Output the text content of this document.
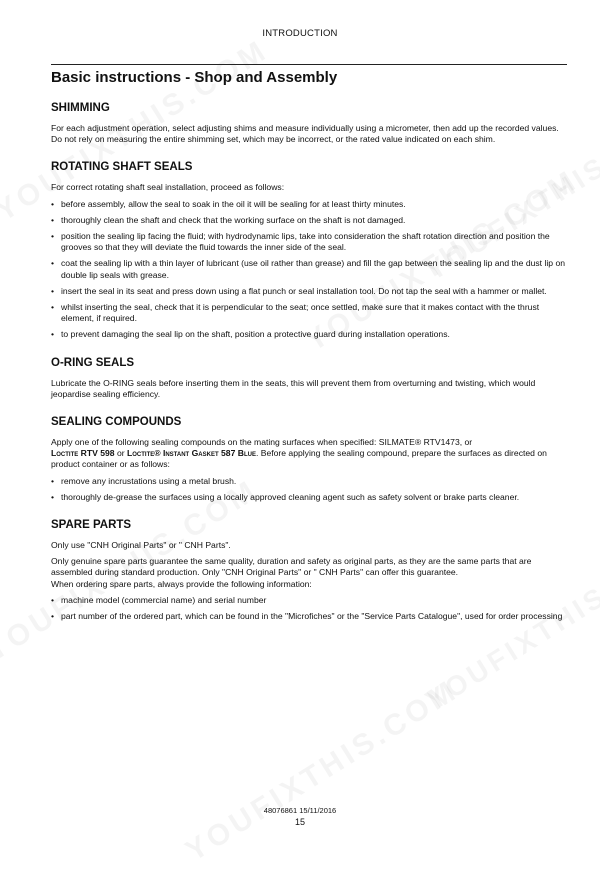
INTRODUCTION
Basic instructions - Shop and Assembly
SHIMMING

For each adjustment operation, select adjusting shims and measure individually using a micrometer, then add up the recorded values. Do not rely on measuring the entire shimming set, which may be incorrect, or the rated value indicated on each shim.

ROTATING SHAFT SEALS

For correct rotating shaft seal installation, proceed as follows:

• before assembly, allow the seal to soak in the oil it will be sealing for at least thirty minutes.
• thoroughly clean the shaft and check that the working surface on the shaft is not damaged.
• position the sealing lip facing the fluid; with hydrodynamic lips, take into consideration the shaft rotation direction and position the grooves so that they will deviate the fluid towards the inner side of the seal.
• coat the sealing lip with a thin layer of lubricant (use oil rather than grease) and fill the gap between the sealing lip and the dust lip on double lip seals with grease.
• insert the seal in its seat and press down using a flat punch or seal installation tool. Do not tap the seal with a hammer or mallet.
• whilst inserting the seal, check that it is perpendicular to the seat; once settled, make sure that it makes contact with the thrust element, if required.
• to prevent damaging the seal lip on the shaft, position a protective guard during installation operations.
O-RING SEALS

Lubricate the O-RING seals before inserting them in the seats, this will prevent them from overturning and twisting, which would jeopardise sealing efficiency.

SEALING COMPOUNDS

Apply one of the following sealing compounds on the mating surfaces when specified: SILMATE® RTV1473, or
Loctite RTV 598 or Loctite® Instant Gasket 587 Blue. Before applying the sealing compound, prepare the surfaces as directed on product container or as follows:

• remove any incrustations using a metal brush.
• thoroughly de-grease the surfaces using a locally approved cleaning agent such as safety solvent or brake parts cleaner.
SPARE PARTS

Only use "CNH Original Parts" or " CNH Parts".

Only genuine spare parts guarantee the same quality, duration and safety as original parts, as they are the same parts that are assembled during standard production. Only "CNH Original Parts" or " CNH Parts" can offer this guarantee.

When ordering spare parts, always provide the following information:

• machine model (commercial name) and serial number
• part number of the ordered part, which can be found in the "Microfiches" or the "Service Parts Catalogue", used for order processing
48076861 15/11/2016
15
